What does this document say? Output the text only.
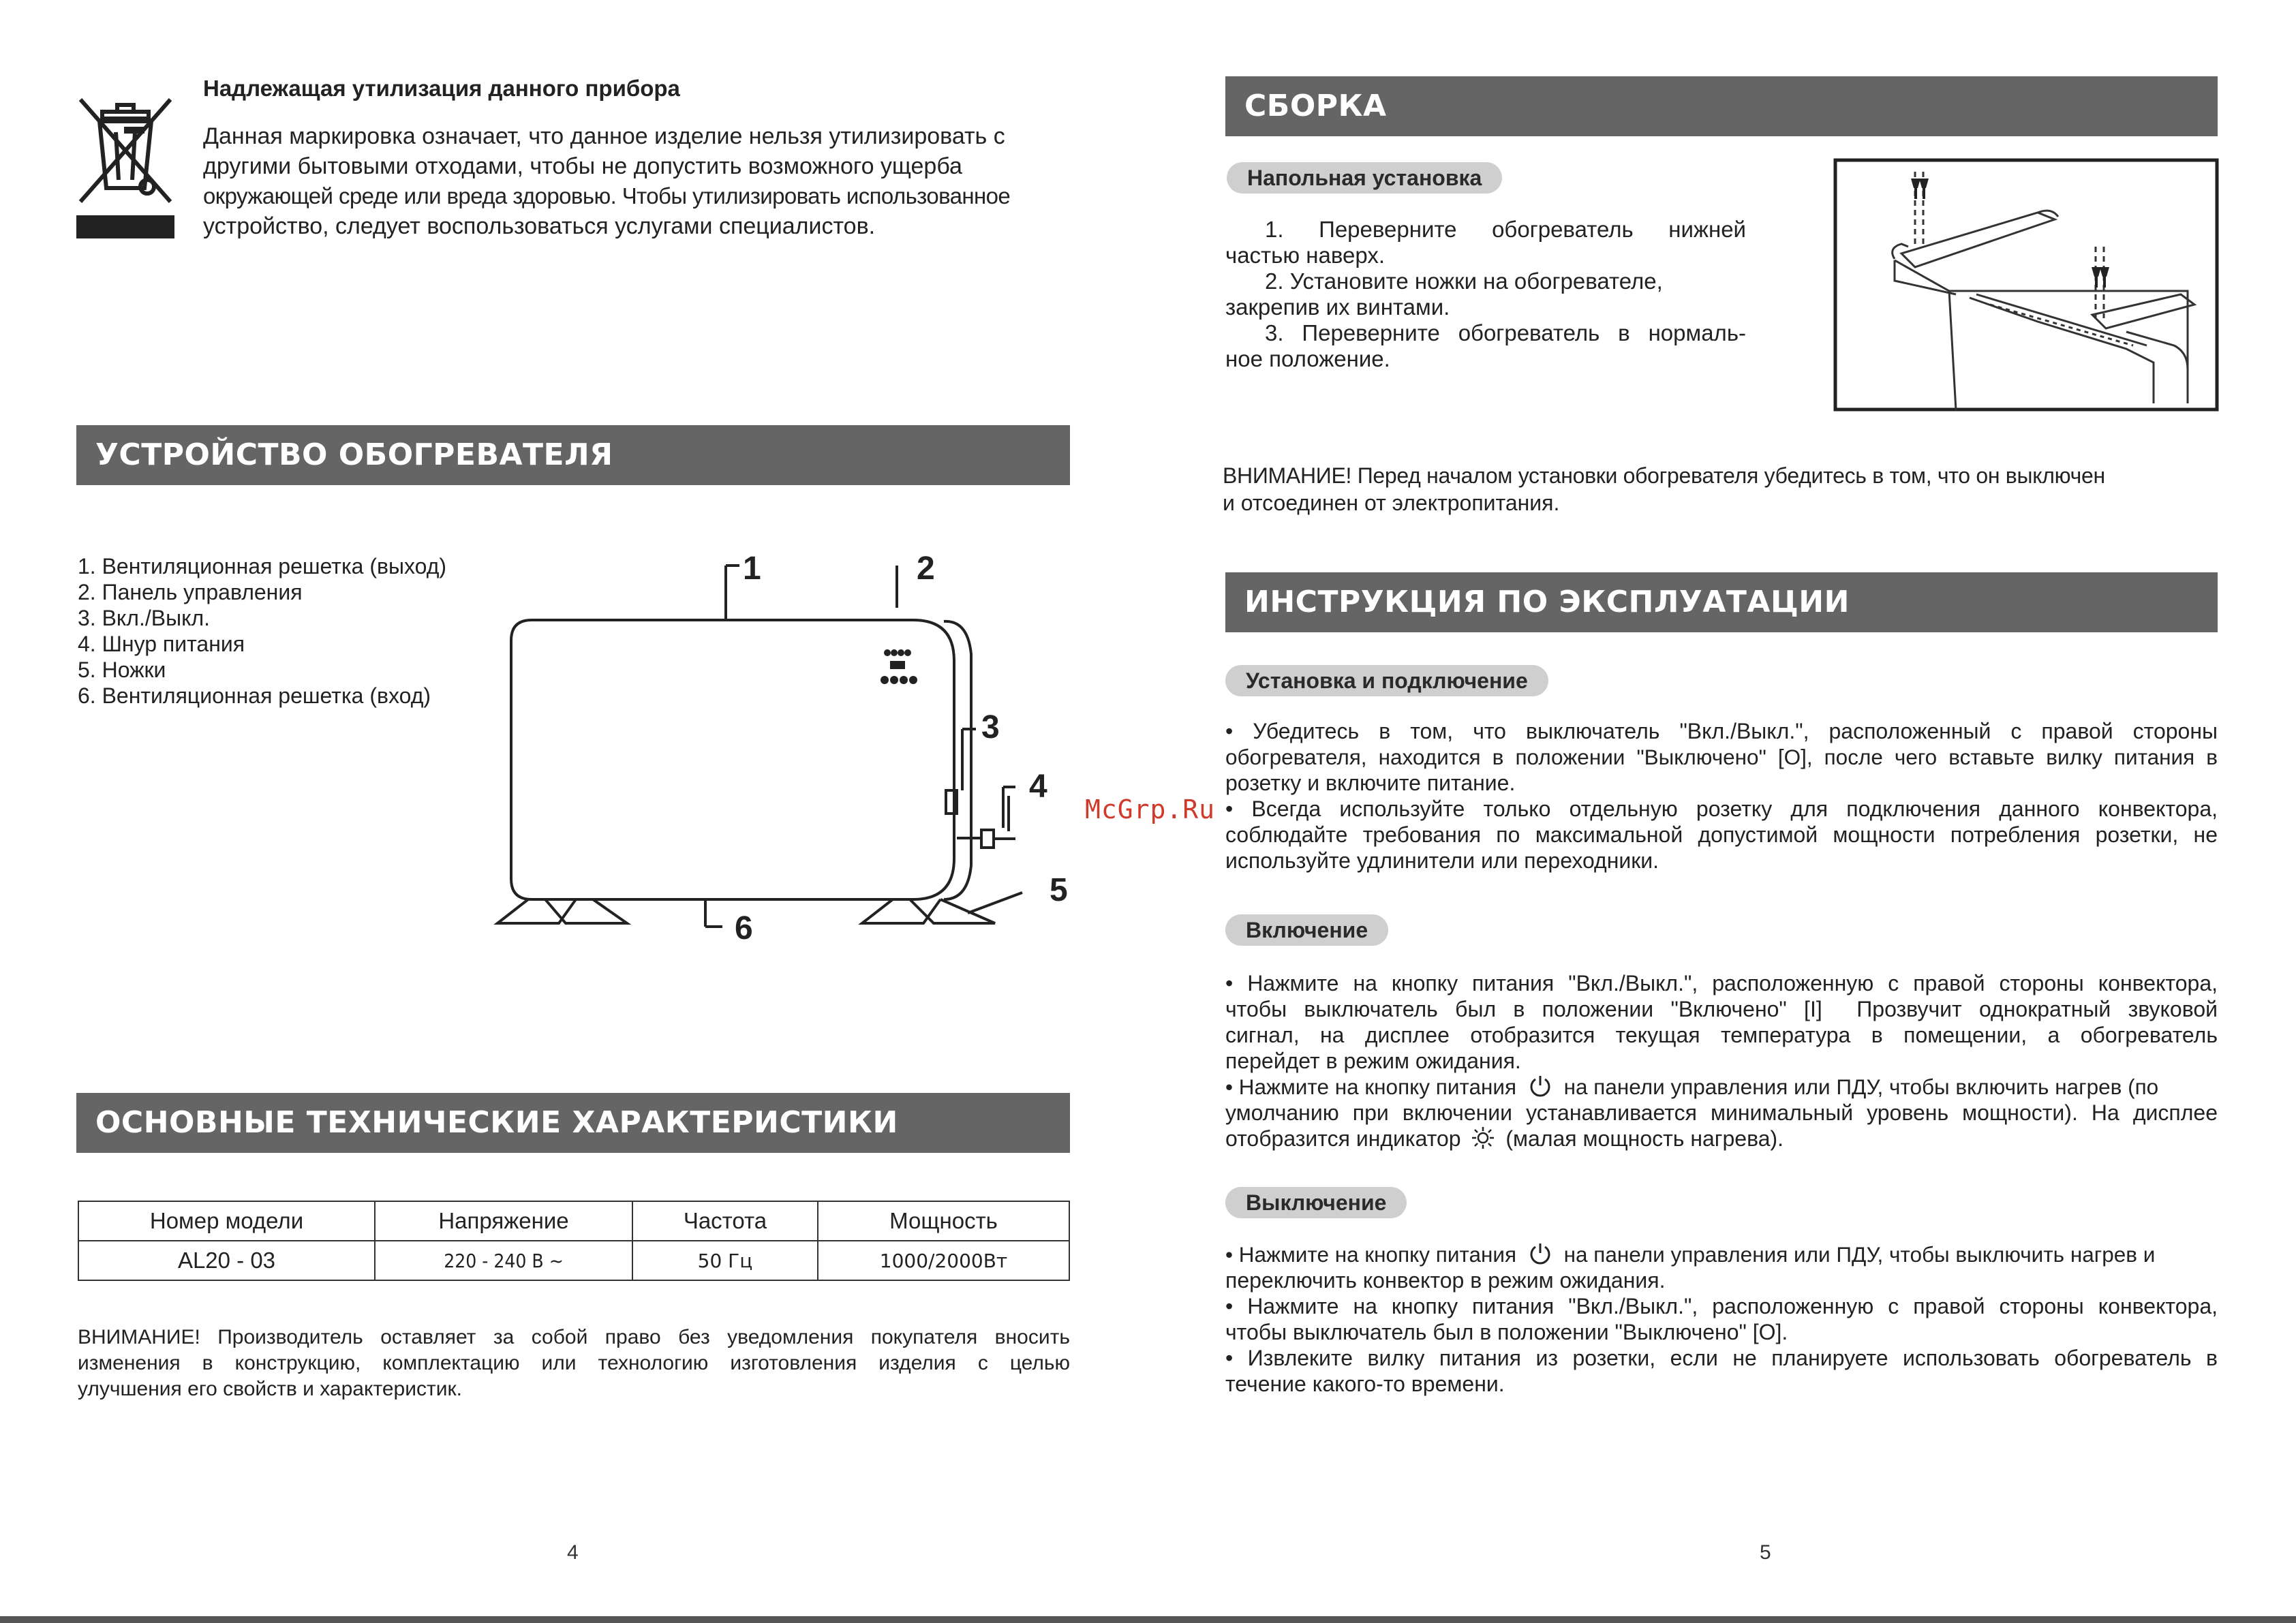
Надлежащая утилизация данного прибора

Данная маркировка означает, что данное изделие нельзя утилизировать с

другими бытовыми отходами, чтобы не допустить возможного ущерба

окружающей среде или вреда здоровью. Чтобы утилизировать использованное

устройство, следует воспользоваться услугами специалистов.

УСТРОЙСТВО ОБОГРЕВАТЕЛЯ

1. Вентиляционная решетка (выход)

2. Панель управления

3. Вкл./Выкл.

4. Шнур питания

5. Ножки

6. Вентиляционная решетка (вход)

1	2
3
4
5
6
ОСНОВНЫЕ ТЕХНИЧЕСКИЕ ХАРАКТЕРИСТИКИ
Номер модели	Напряжение	Частота	Мощность
AL20 - 03	220 - 240 В ~	50 Гц	1000/2000Вт

ВНИМАНИЕ! Производитель оставляет за собой право без уведомления покупателя вносить

изменения в конструкцию, комплектацию или технологию изготовления изделия с целью

улучшения его свойств и характеристик.

4
СБОРКА
Напольная установка

1. Переверните обогреватель нижней

частью наверх.

2. Установите ножки на обогревателе,

закрепив их винтами.

3. Переверните обогреватель в нормаль-

ное положение.

ВНИМАНИЕ! Перед началом установки обогревателя убедитесь в том, что он выключен

и отсоединен от электропитания.

McGrp.Ru
ИНСТРУКЦИЯ ПО ЭКСПЛУАТАЦИИ
Установка и подключение

• Убедитесь в том, что выключатель "Вкл./Выкл.", расположенный с правой стороны

обогревателя, находится в положении "Выключено" [O], после чего вставьте вилку питания в

розетку и включите питание.

• Всегда используйте только отдельную розетку для подключения данного конвектора,

соблюдайте требования по максимальной допустимой мощности потребления розетки, не

используйте удлинители или переходники.

Включение

• Нажмите на кнопку питания "Вкл./Выкл.", расположенную с правой стороны конвектора,

чтобы выключатель был в положении "Включено" [I]  Прозвучит однократный звуковой

сигнал, на дисплее отобразится текущая температура в помещении, а обогреватель

перейдет в режим ожидания.

• Нажмите на кнопку питания на панели управления или ПДУ, чтобы включить нагрев (по

умолчанию при включении устанавливается минимальный уровень мощности). На дисплее

отобразится индикатор (малая мощность нагрева).

Выключение

• Нажмите на кнопку питания на панели управления или ПДУ, чтобы выключить нагрев и

переключить конвектор в режим ожидания.

• Нажмите на кнопку питания "Вкл./Выкл.", расположенную с правой стороны конвектора,

чтобы выключатель был в положении "Выключено" [O].

• Извлеките вилку питания из розетки, если не планируете использовать обогреватель в

течение какого-то времени.

5
